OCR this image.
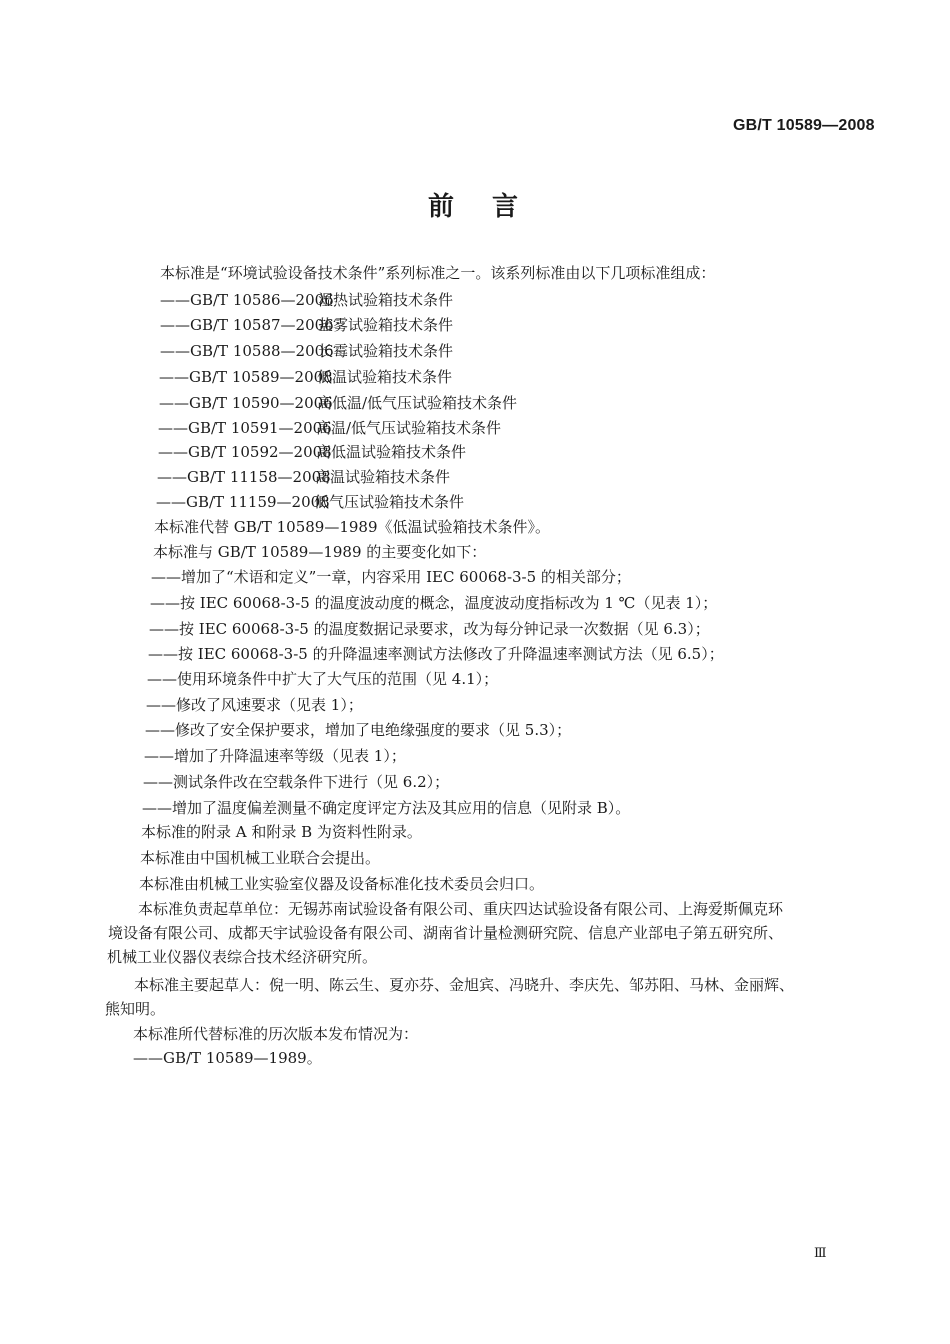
GB/T 10589—2008
前言
本标准是“环境试验设备技术条件”系列标准之一。该系列标准由以下几项标准组成：
——GB/T 10586—2006湿热试验箱技术条件
——GB/T 10587—2006盐雾试验箱技术条件
——GB/T 10588—2006长霉试验箱技术条件
——GB/T 10589—2008低温试验箱技术条件
——GB/T 10590—2006高低温/低气压试验箱技术条件
——GB/T 10591—2006高温/低气压试验箱技术条件
——GB/T 10592—2008高低温试验箱技术条件
——GB/T 11158—2008高温试验箱技术条件
——GB/T 11159—2008低气压试验箱技术条件
本标准代替 GB/T 10589—1989《低温试验箱技术条件》。
本标准与 GB/T 10589—1989 的主要变化如下：
——增加了“术语和定义”一章，内容采用 IEC 60068-3-5 的相关部分；
——按 IEC 60068-3-5 的温度波动度的概念，温度波动度指标改为 1 ℃（见表 1）；
——按 IEC 60068-3-5 的温度数据记录要求，改为每分钟记录一次数据（见 6.3）；
——按 IEC 60068-3-5 的升降温速率测试方法修改了升降温速率测试方法（见 6.5）；
——使用环境条件中扩大了大气压的范围（见 4.1）；
——修改了风速要求（见表 1）；
——修改了安全保护要求，增加了电绝缘强度的要求（见 5.3）；
——增加了升降温速率等级（见表 1）；
——测试条件改在空载条件下进行（见 6.2）；
——增加了温度偏差测量不确定度评定方法及其应用的信息（见附录 B）。
本标准的附录 A 和附录 B 为资料性附录。
本标准由中国机械工业联合会提出。
本标准由机械工业实验室仪器及设备标准化技术委员会归口。
本标准负责起草单位：无锡苏南试验设备有限公司、重庆四达试验设备有限公司、上海爱斯佩克环
境设备有限公司、成都天宇试验设备有限公司、湖南省计量检测研究院、信息产业部电子第五研究所、
机械工业仪器仪表综合技术经济研究所。
本标准主要起草人：倪一明、陈云生、夏亦芬、金旭宾、冯晓升、李庆先、邹苏阳、马林、金丽辉、
熊知明。
本标准所代替标准的历次版本发布情况为：
——GB/T 10589—1989。
Ⅲ
